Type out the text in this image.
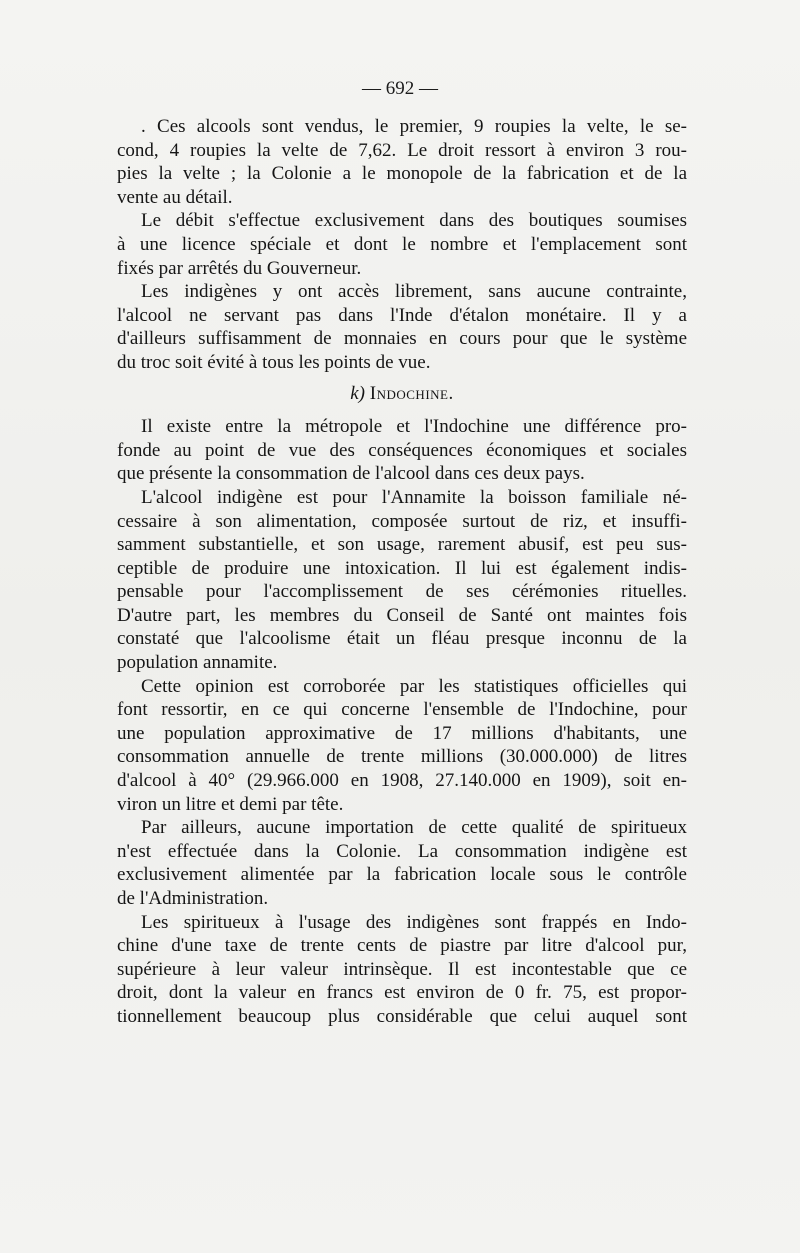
— 692 —
. Ces alcools sont vendus, le premier, 9 roupies la velte, le se-
cond, 4 roupies la velte de 7,62. Le droit ressort à environ 3 rou-
pies la velte ; la Colonie a le monopole de la fabrication et de la
vente au détail.
Le débit s'effectue exclusivement dans des boutiques soumises
à une licence spéciale et dont le nombre et l'emplacement sont
fixés par arrêtés du Gouverneur.
Les indigènes y ont accès librement, sans aucune contrainte,
l'alcool ne servant pas dans l'Inde d'étalon monétaire. Il y a
d'ailleurs suffisamment de monnaies en cours pour que le système
du troc soit évité à tous les points de vue.
k) Indochine.
Il existe entre la métropole et l'Indochine une différence pro-
fonde au point de vue des conséquences économiques et sociales
que présente la consommation de l'alcool dans ces deux pays.
L'alcool indigène est pour l'Annamite la boisson familiale né-
cessaire à son alimentation, composée surtout de riz, et insuffi-
samment substantielle, et son usage, rarement abusif, est peu sus-
ceptible de produire une intoxication. Il lui est également indis-
pensable pour l'accomplissement de ses cérémonies rituelles.
D'autre part, les membres du Conseil de Santé ont maintes fois
constaté que l'alcoolisme était un fléau presque inconnu de la
population annamite.
Cette opinion est corroborée par les statistiques officielles qui
font ressortir, en ce qui concerne l'ensemble de l'Indochine, pour
une population approximative de 17 millions d'habitants, une
consommation annuelle de trente millions (30.000.000) de litres
d'alcool à 40° (29.966.000 en 1908, 27.140.000 en 1909), soit en-
viron un litre et demi par tête.
Par ailleurs, aucune importation de cette qualité de spiritueux
n'est effectuée dans la Colonie. La consommation indigène est
exclusivement alimentée par la fabrication locale sous le contrôle
de l'Administration.
Les spiritueux à l'usage des indigènes sont frappés en Indo-
chine d'une taxe de trente cents de piastre par litre d'alcool pur,
supérieure à leur valeur intrinsèque. Il est incontestable que ce
droit, dont la valeur en francs est environ de 0 fr. 75, est propor-
tionnellement beaucoup plus considérable que celui auquel sont
